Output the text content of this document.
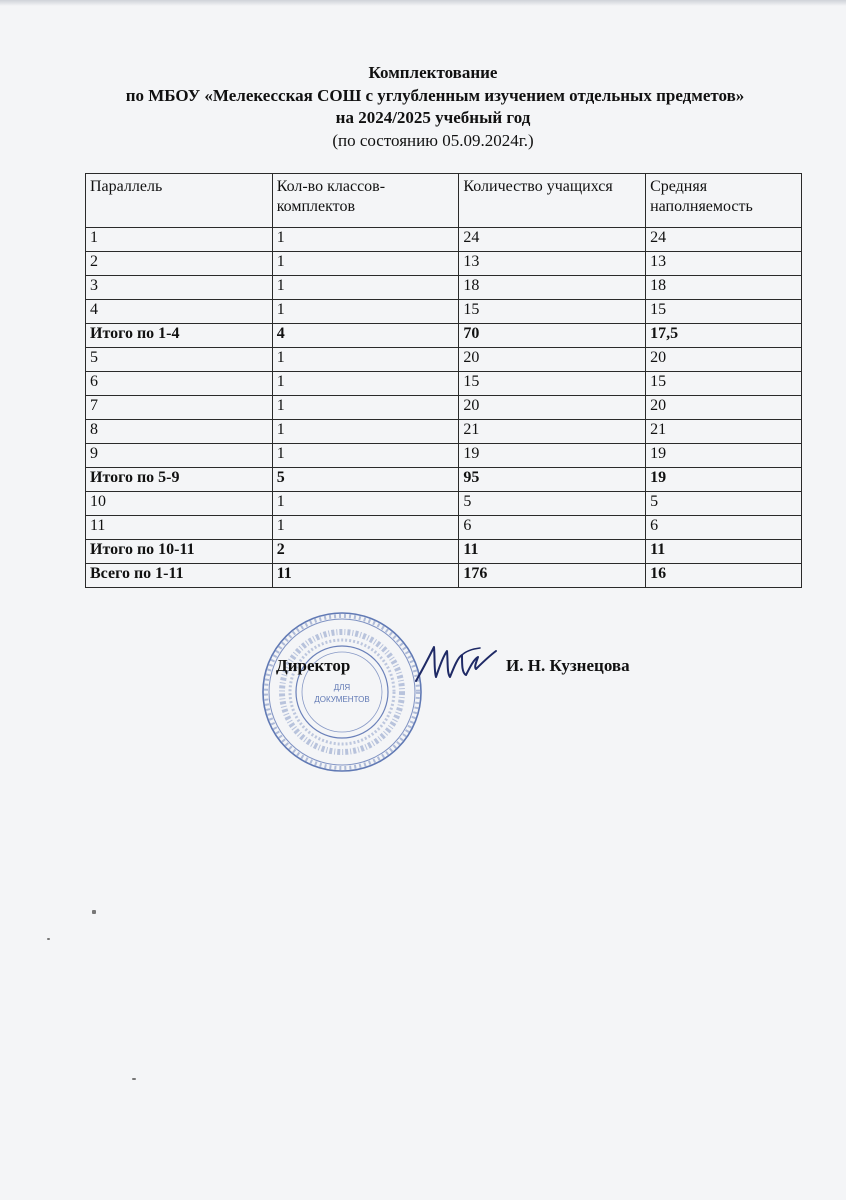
Комплектование
по МБОУ «Мелекесская СОШ с углубленным изучением отдельных предметов»
на 2024/2025 учебный год
(по состоянию 05.09.2024г.)
Параллель	Кол-во классов-комплектов	Количество учащихся	Средняя наполняемость
1	1	24	24
2	1	13	13
3	1	18	18
4	1	15	15
Итого по 1-4	4	70	17,5
5	1	20	20
6	1	15	15
7	1	20	20
8	1	21	21
9	1	19	19
Итого по 5-9	5	95	19
10	1	5	5
11	1	6	6
Итого по 10-11	2	11	11
Всего по 1-11	11	176	16
ДЛЯ
ДОКУМЕНТОВ
Директор	И. Н. Кузнецова
